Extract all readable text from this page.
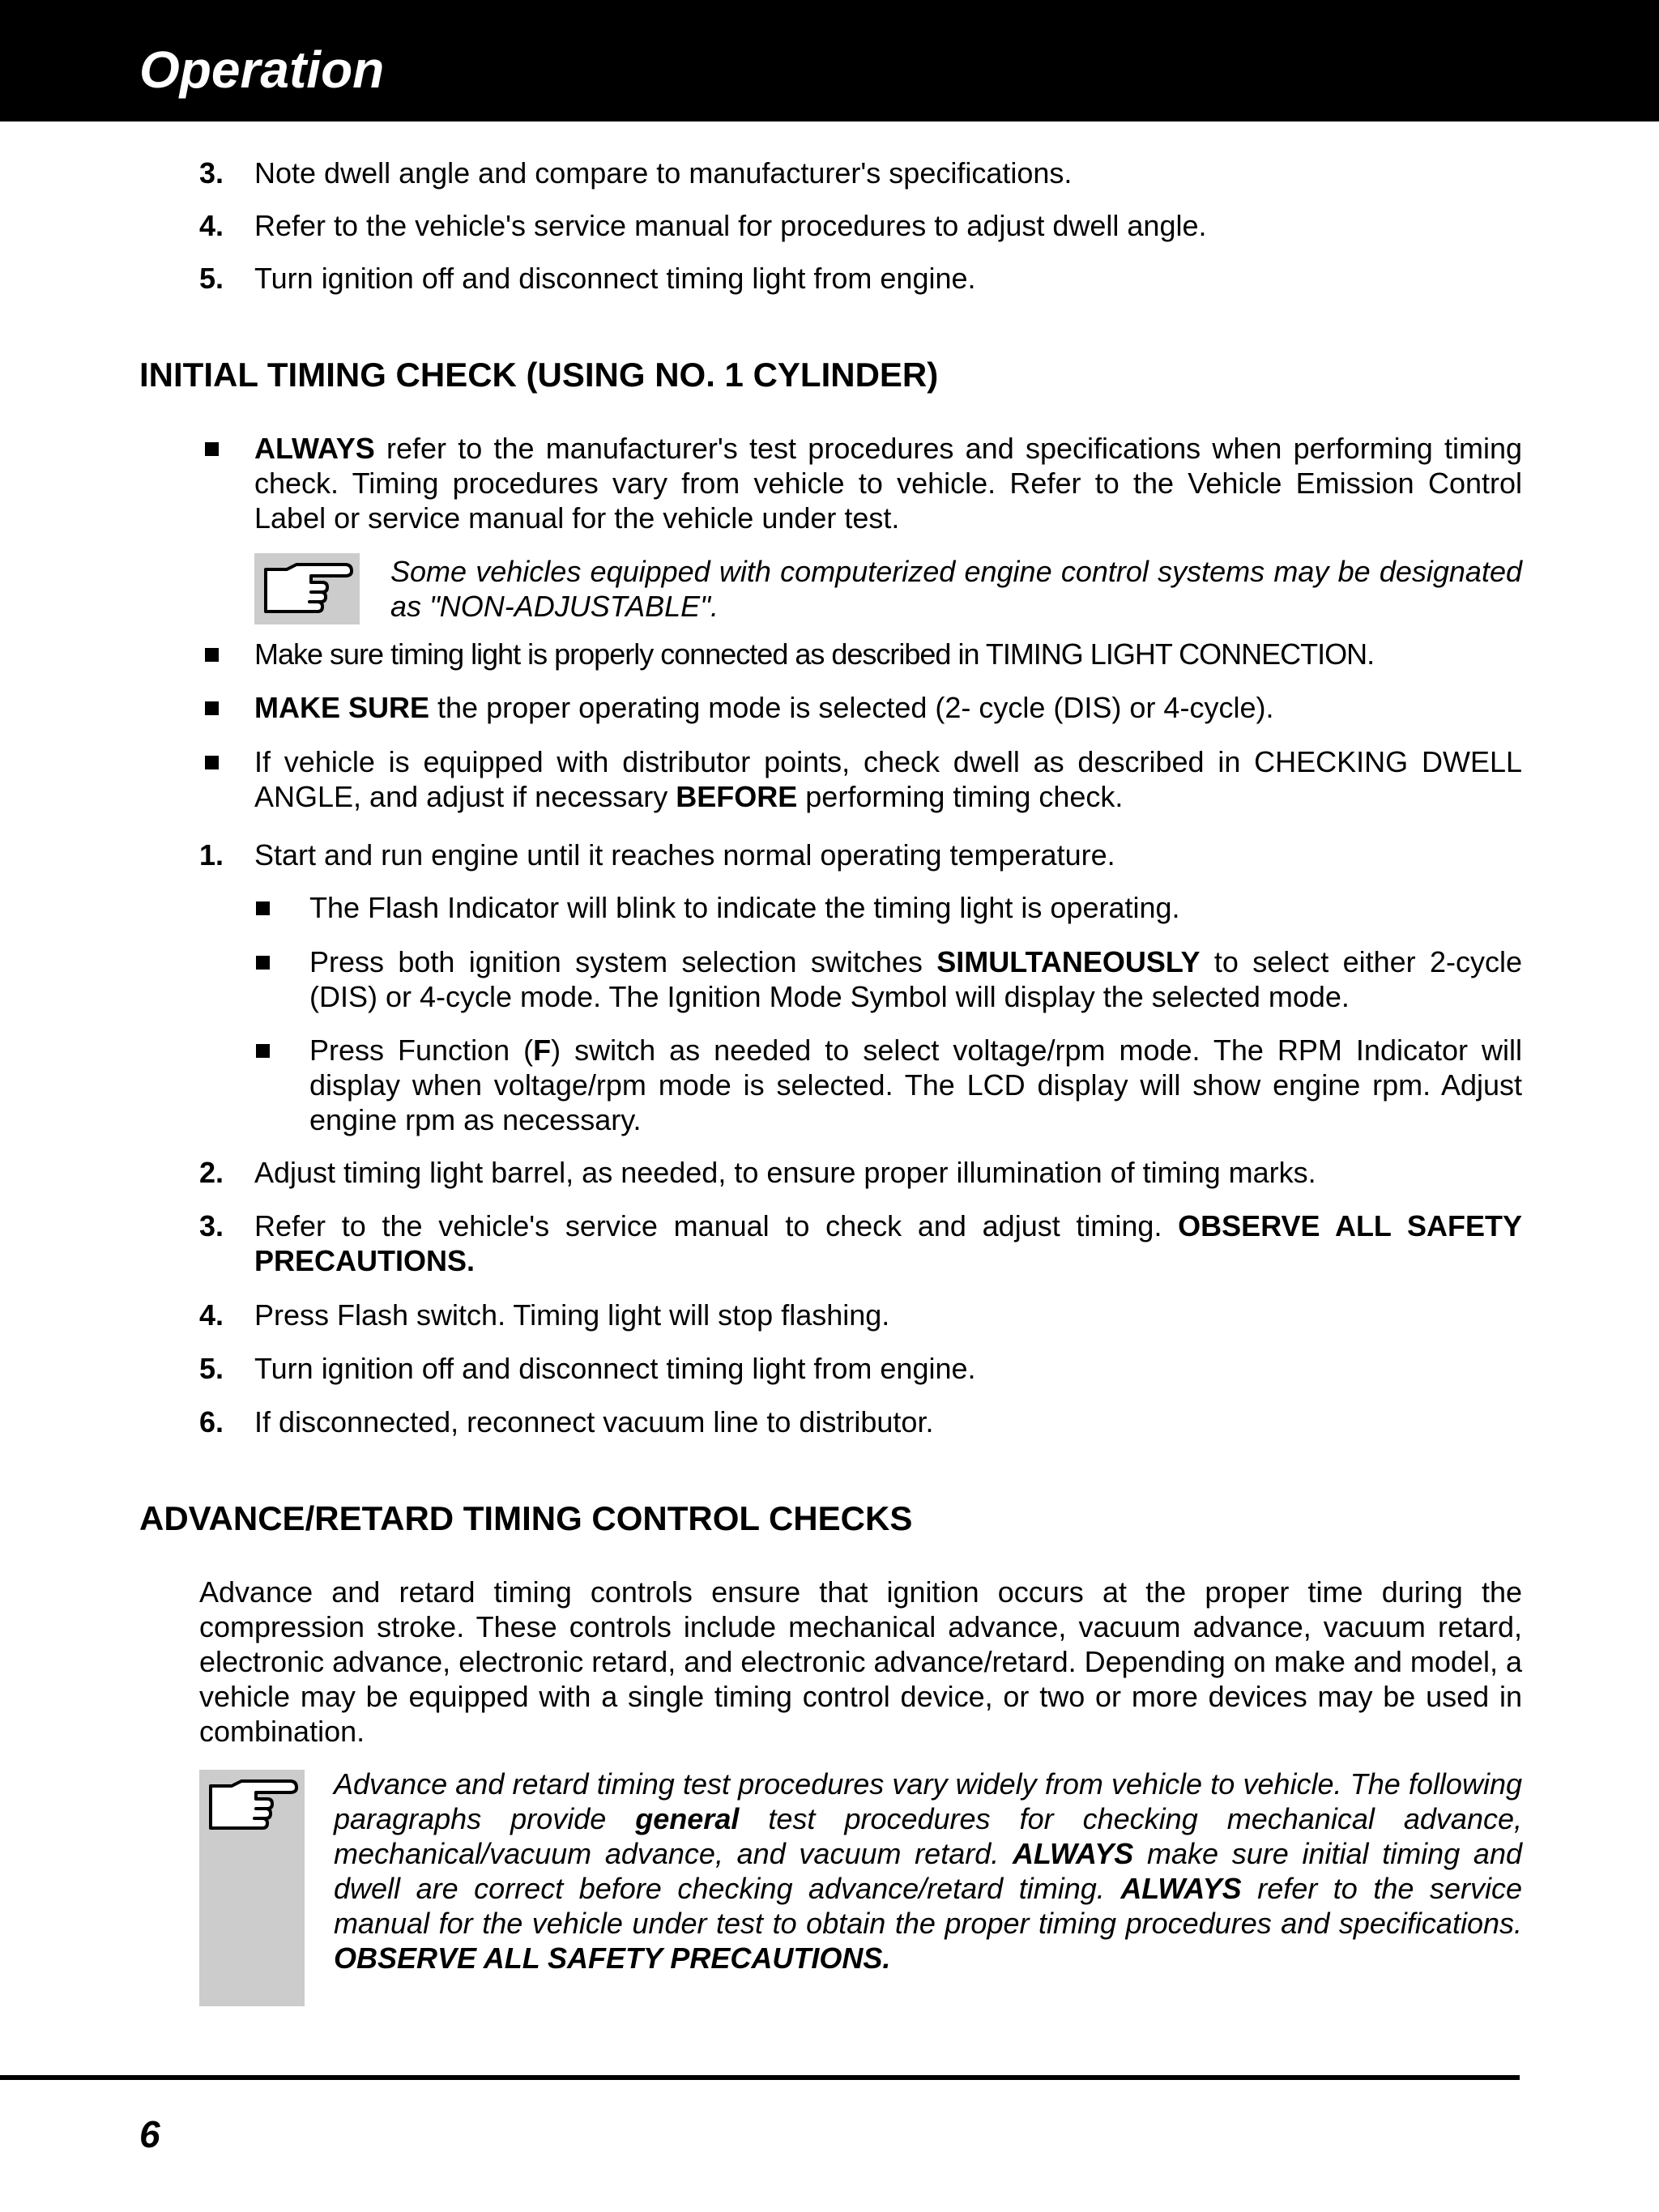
Operation
3. Note dwell angle and compare to manufacturer's specifications.
4. Refer to the vehicle's service manual for procedures to adjust dwell angle.
5. Turn ignition off and disconnect timing light from engine.
INITIAL TIMING CHECK (USING NO. 1 CYLINDER)
ALWAYS refer to the manufacturer's test procedures and specifications when performing timing check. Timing procedures vary from vehicle to vehicle. Refer to the Vehicle Emission Control Label or service manual for the vehicle under test.
Some vehicles equipped with computerized engine control systems may be designated as "NON-ADJUSTABLE".
Make sure timing light is properly connected as described in TIMING LIGHT CONNECTION.
MAKE SURE the proper operating mode is selected (2- cycle (DIS) or 4-cycle).
If vehicle is equipped with distributor points, check dwell as described in CHECKING DWELL ANGLE, and adjust if necessary BEFORE performing timing check.
1. Start and run engine until it reaches normal operating temperature.
The Flash Indicator will blink to indicate the timing light is operating.
Press both ignition system selection switches SIMULTANEOUSLY to select either 2-cycle (DIS) or 4-cycle mode. The Ignition Mode Symbol will display the selected mode.
Press Function (F) switch as needed to select voltage/rpm mode. The RPM Indicator will display when voltage/rpm mode is selected. The LCD display will show engine rpm. Adjust engine rpm as necessary.
2. Adjust timing light barrel, as needed, to ensure proper illumination of timing marks.
3. Refer to the vehicle's service manual to check and adjust timing. OBSERVE ALL SAFETY PRECAUTIONS.
4. Press Flash switch. Timing light will stop flashing.
5. Turn ignition off and disconnect timing light from engine.
6. If disconnected, reconnect vacuum line to distributor.
ADVANCE/RETARD TIMING CONTROL CHECKS
Advance and retard timing controls ensure that ignition occurs at the proper time during the compression stroke. These controls include mechanical advance, vacuum advance, vacuum retard, electronic advance, electronic retard, and electronic advance/retard. Depending on make and model, a vehicle may be equipped with a single timing control device, or two or more devices may be used in combination.
Advance and retard timing test procedures vary widely from vehicle to vehicle. The following paragraphs provide general test procedures for checking mechanical advance, mechanical/vacuum advance, and vacuum retard. ALWAYS make sure initial timing and dwell are correct before checking advance/retard timing. ALWAYS refer to the service manual for the vehicle under test to obtain the proper timing procedures and specifications. OBSERVE ALL SAFETY PRECAUTIONS.
6
